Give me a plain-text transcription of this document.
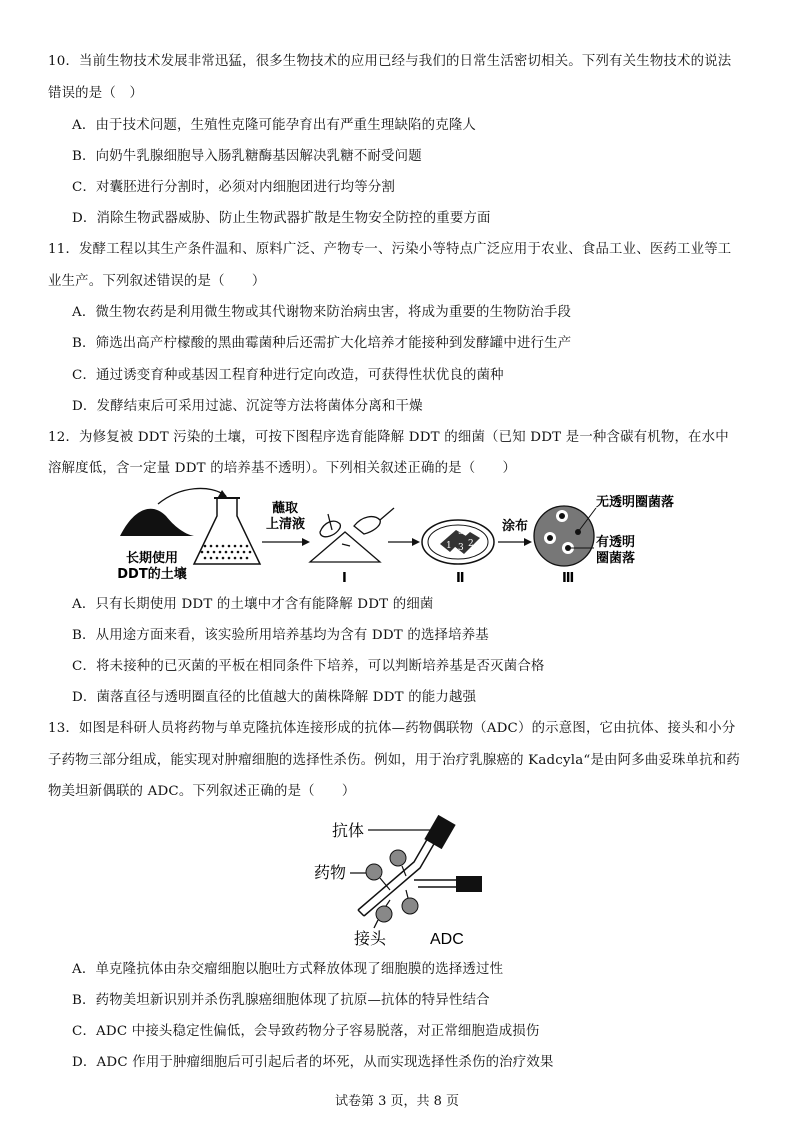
10．当前生物技术发展非常迅猛，很多生物技术的应用已经与我们的日常生活密切相关。下列有关生物技术的说法
错误的是（　）
A．由于技术问题，生殖性克隆可能孕育出有严重生理缺陷的克隆人
B．向奶牛乳腺细胞导入肠乳糖酶基因解决乳糖不耐受问题
C．对囊胚进行分割时，必须对内细胞团进行均等分割
D．消除生物武器威胁、防止生物武器扩散是生物安全防控的重要方面
11．发酵工程以其生产条件温和、原料广泛、产物专一、污染小等特点广泛应用于农业、食品工业、医药工业等工
业生产。下列叙述错误的是（　　）
A．微生物农药是利用微生物或其代谢物来防治病虫害，将成为重要的生物防治手段
B．筛选出高产柠檬酸的黑曲霉菌种后还需扩大化培养才能接种到发酵罐中进行生产
C．通过诱变育种或基因工程育种进行定向改造，可获得性状优良的菌种
D．发酵结束后可采用过滤、沉淀等方法将菌体分离和干燥
12．为修复被 DDT 污染的土壤，可按下图程序选育能降解 DDT 的细菌（已知 DDT 是一种含碳有机物，在水中
溶解度低，含一定量 DDT 的培养基不透明）。下列相关叙述正确的是（　　）
长期使用
DDT的土壤
蘸取
上清液
Ⅰ
4 5
1 3 2
Ⅱ
涂布
Ⅲ
无透明圈菌落
有透明
圈菌落
A．只有长期使用 DDT 的土壤中才含有能降解 DDT 的细菌
B．从用途方面来看，该实验所用培养基均为含有 DDT 的选择培养基
C．将未接种的已灭菌的平板在相同条件下培养，可以判断培养基是否灭菌合格
D．菌落直径与透明圈直径的比值越大的菌株降解 DDT 的能力越强
13．如图是科研人员将药物与单克隆抗体连接形成的抗体—药物偶联物（ADC）的示意图，它由抗体、接头和小分
子药物三部分组成，能实现对肿瘤细胞的选择性杀伤。例如，用于治疗乳腺癌的 Kadcyla“是由阿多曲妥珠单抗和药
物美坦新偶联的 ADC。下列叙述正确的是（　　）
抗体
药物
接头	ADC
A．单克隆抗体由杂交瘤细胞以胞吐方式释放体现了细胞膜的选择透过性
B．药物美坦新识别并杀伤乳腺癌细胞体现了抗原—抗体的特异性结合
C．ADC 中接头稳定性偏低，会导致药物分子容易脱落，对正常细胞造成损伤
D．ADC 作用于肿瘤细胞后可引起后者的坏死，从而实现选择性杀伤的治疗效果
试卷第 3 页，共 8 页
